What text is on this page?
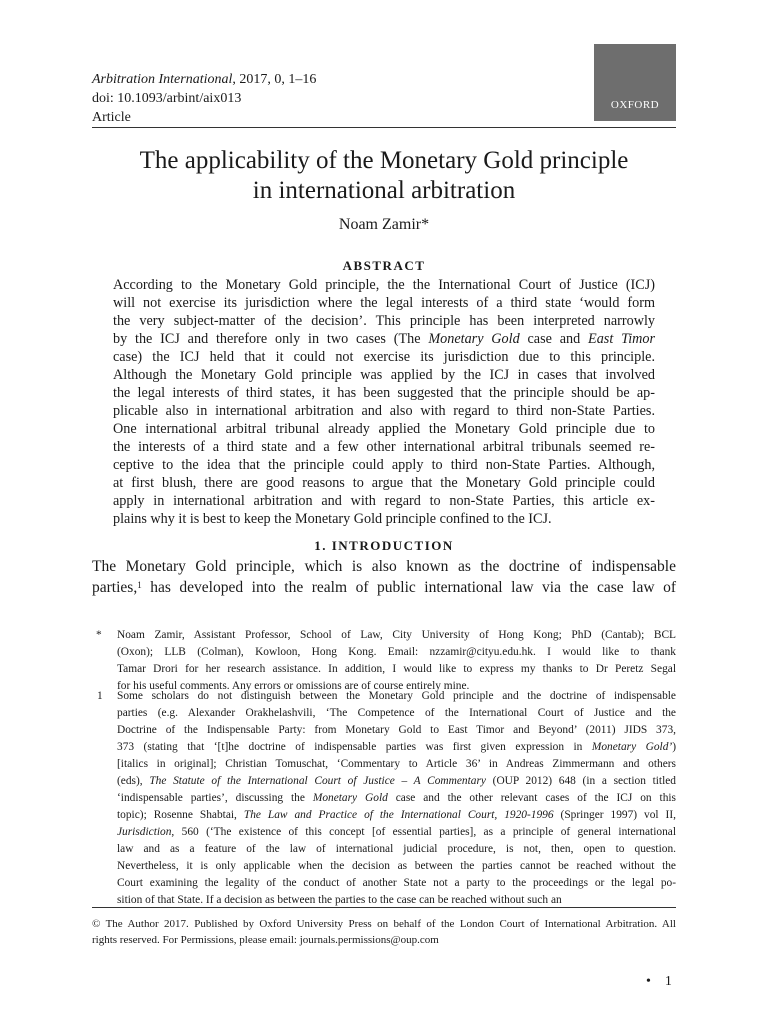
Arbitration International, 2017, 0, 1–16
doi: 10.1093/arbint/aix013
Article
OXFORD
The applicability of the Monetary Gold principle
in international arbitration
Noam Zamir*
ABSTRACT
According to the Monetary Gold principle, the the International Court of Justice (ICJ)
will not exercise its jurisdiction where the legal interests of a third state ‘would form
the very subject-matter of the decision’. This principle has been interpreted narrowly
by the ICJ and therefore only in two cases (The Monetary Gold case and East Timor
case) the ICJ held that it could not exercise its jurisdiction due to this principle.
Although the Monetary Gold principle was applied by the ICJ in cases that involved
the legal interests of third states, it has been suggested that the principle should be ap-
plicable also in international arbitration and also with regard to third non-State Parties.
One international arbitral tribunal already applied the Monetary Gold principle due to
the interests of a third state and a few other international arbitral tribunals seemed re-
ceptive to the idea that the principle could apply to third non-State Parties. Although,
at first blush, there are good reasons to argue that the Monetary Gold principle could
apply in international arbitration and with regard to non-State Parties, this article ex-
plains why it is best to keep the Monetary Gold principle confined to the ICJ.
1. INTRODUCTION
The Monetary Gold principle, which is also known as the doctrine of indispensable
parties,$^1$ has developed into the realm of public international law via the case law of
*	Noam Zamir, Assistant Professor, School of Law, City University of Hong Kong; PhD (Cantab); BCL
(Oxon); LLB (Colman), Kowloon, Hong Kong. Email: nzzamir@cityu.edu.hk. I would like to thank
Tamar Drori for her research assistance. In addition, I would like to express my thanks to Dr Peretz Segal
for his useful comments. Any errors or omissions are of course entirely mine.
1	Some scholars do not distinguish between the Monetary Gold principle and the doctrine of indispensable
parties (e.g. Alexander Orakhelashvili, ‘The Competence of the International Court of Justice and the
Doctrine of the Indispensable Party: from Monetary Gold to East Timor and Beyond’ (2011) JIDS 373,
373 (stating that ‘[t]he doctrine of indispensable parties was first given expression in Monetary Gold’)
[italics in original]; Christian Tomuschat, ‘Commentary to Article 36’ in Andreas Zimmermann and others
(eds), The Statute of the International Court of Justice – A Commentary (OUP 2012) 648 (in a section titled
‘indispensable parties’, discussing the Monetary Gold case and the other relevant cases of the ICJ on this
topic); Rosenne Shabtai, The Law and Practice of the International Court, 1920-1996 (Springer 1997) vol II,
Jurisdiction, 560 (‘The existence of this concept [of essential parties], as a principle of general international
law and as a feature of the law of international judicial procedure, is not, then, open to question.
Nevertheless, it is only applicable when the decision as between the parties cannot be reached without the
Court examining the legality of the conduct of another State not a party to the proceedings or the legal po-
sition of that State. If a decision as between the parties to the case can be reached without such an
© The Author 2017. Published by Oxford University Press on behalf of the London Court of International Arbitration. All
rights reserved. For Permissions, please email: journals.permissions@oup.com
• 1
